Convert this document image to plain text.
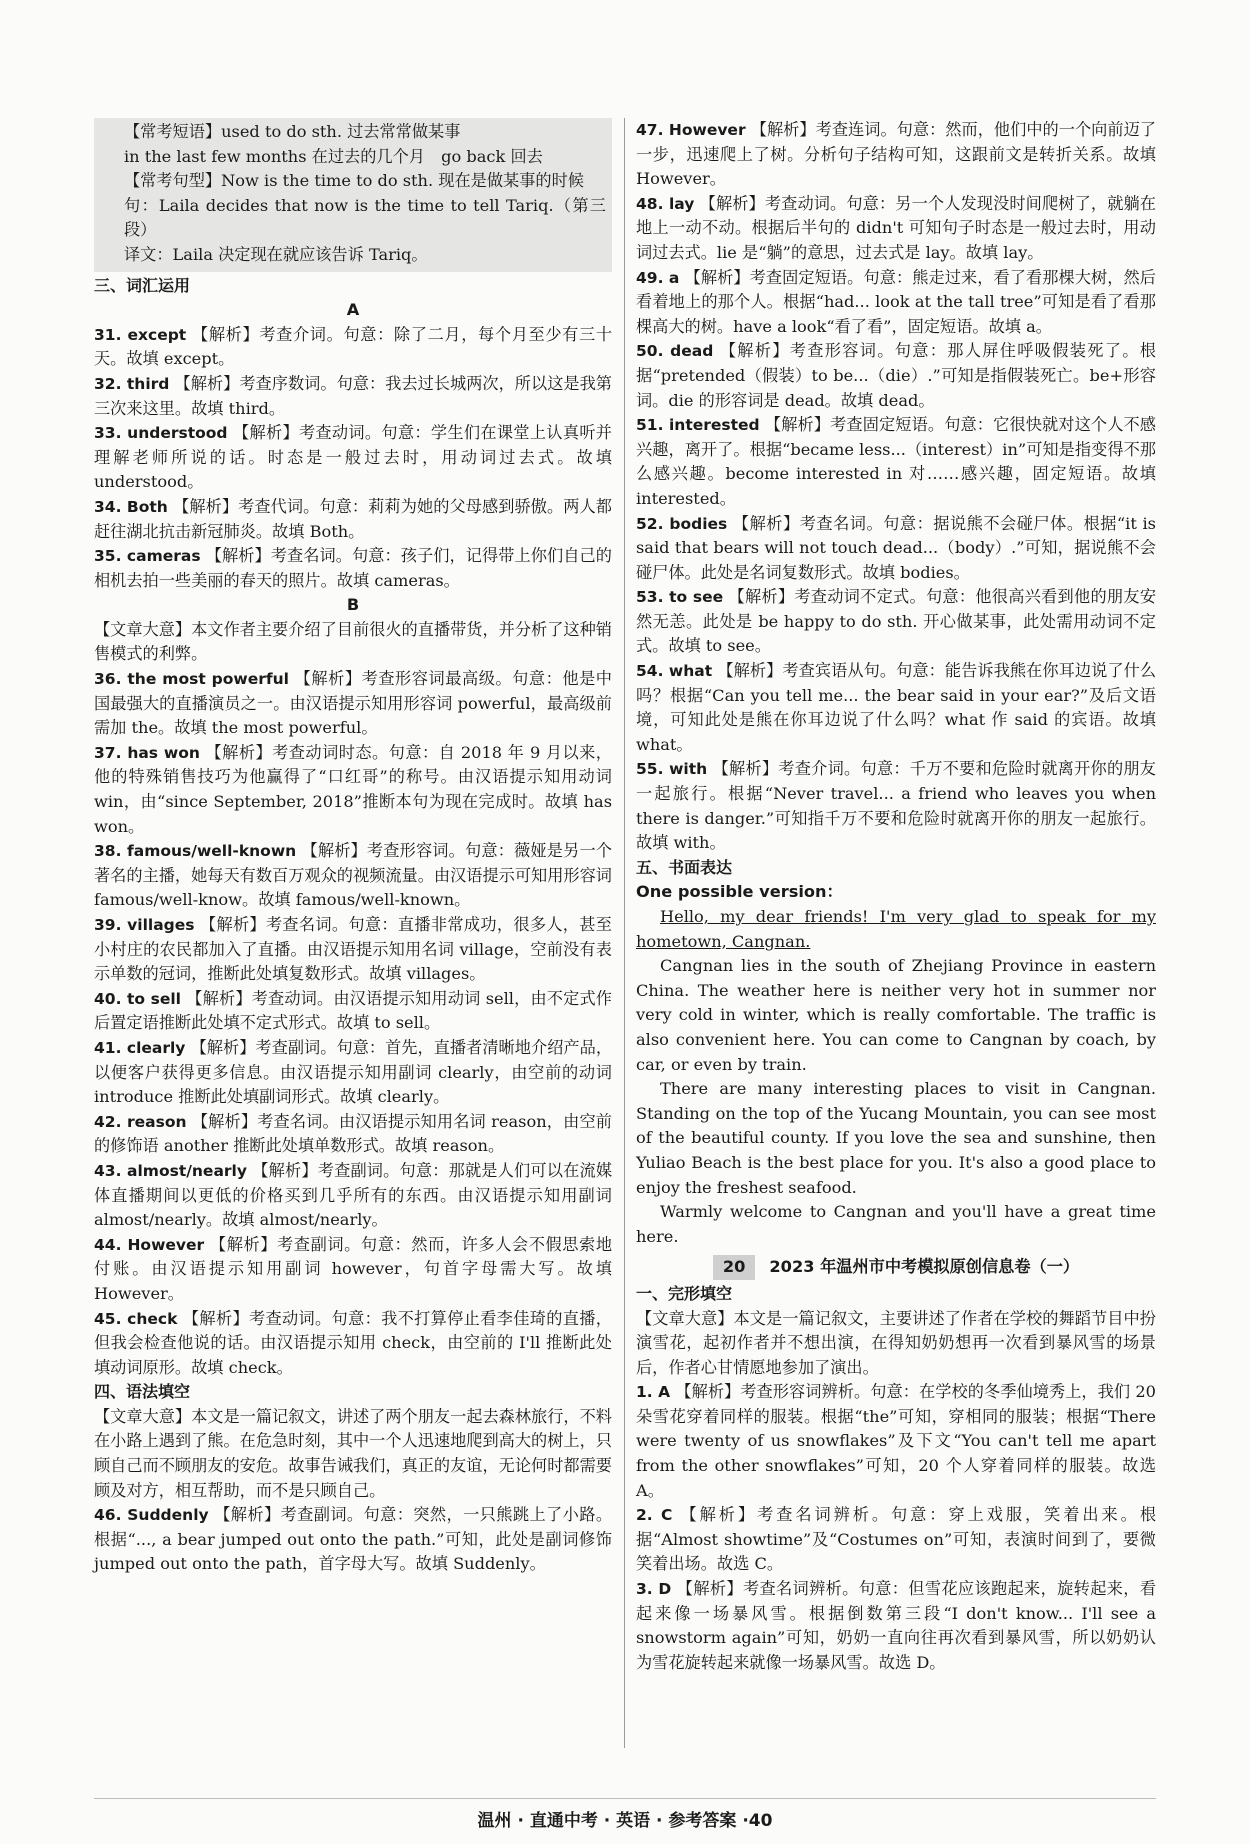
【常考短语】used to do sth. 过去常常做某事

in the last few months 在过去的几个月　go back 回去

【常考句型】Now is the time to do sth. 现在是做某事的时候

句：Laila decides that now is the time to tell Tariq.（第三段）

译文：Laila 决定现在就应该告诉 Tariq。

三、词汇运用

A

31. except 【解析】考查介词。句意：除了二月，每个月至少有三十天。故填 except。

32. third 【解析】考查序数词。句意：我去过长城两次，所以这是我第三次来这里。故填 third。

33. understood 【解析】考查动词。句意：学生们在课堂上认真听并理解老师所说的话。时态是一般过去时，用动词过去式。故填 understood。

34. Both 【解析】考查代词。句意：莉莉为她的父母感到骄傲。两人都赶往湖北抗击新冠肺炎。故填 Both。

35. cameras 【解析】考查名词。句意：孩子们，记得带上你们自己的相机去拍一些美丽的春天的照片。故填 cameras。

B

【文章大意】本文作者主要介绍了目前很火的直播带货，并分析了这种销售模式的利弊。

36. the most powerful 【解析】考查形容词最高级。句意：他是中国最强大的直播演员之一。由汉语提示知用形容词 powerful，最高级前需加 the。故填 the most powerful。

37. has won 【解析】考查动词时态。句意：自 2018 年 9 月以来，他的特殊销售技巧为他赢得了“口红哥”的称号。由汉语提示知用动词 win，由“since September, 2018”推断本句为现在完成时。故填 has won。

38. famous/well-known 【解析】考查形容词。句意：薇娅是另一个著名的主播，她每天有数百万观众的视频流量。由汉语提示可知用形容词 famous/well-know。故填 famous/well-known。

39. villages 【解析】考查名词。句意：直播非常成功，很多人，甚至小村庄的农民都加入了直播。由汉语提示知用名词 village，空前没有表示单数的冠词，推断此处填复数形式。故填 villages。

40. to sell 【解析】考查动词。由汉语提示知用动词 sell，由不定式作后置定语推断此处填不定式形式。故填 to sell。

41. clearly 【解析】考查副词。句意：首先，直播者清晰地介绍产品，以便客户获得更多信息。由汉语提示知用副词 clearly，由空前的动词 introduce 推断此处填副词形式。故填 clearly。

42. reason 【解析】考查名词。由汉语提示知用名词 reason，由空前的修饰语 another 推断此处填单数形式。故填 reason。

43. almost/nearly 【解析】考查副词。句意：那就是人们可以在流媒体直播期间以更低的价格买到几乎所有的东西。由汉语提示知用副词 almost/nearly。故填 almost/nearly。

44. However 【解析】考查副词。句意：然而，许多人会不假思索地付账。由汉语提示知用副词 however，句首字母需大写。故填 However。

45. check 【解析】考查动词。句意：我不打算停止看李佳琦的直播，但我会检查他说的话。由汉语提示知用 check，由空前的 I'll 推断此处填动词原形。故填 check。

四、语法填空

【文章大意】本文是一篇记叙文，讲述了两个朋友一起去森林旅行，不料在小路上遇到了熊。在危急时刻，其中一个人迅速地爬到高大的树上，只顾自己而不顾朋友的安危。故事告诫我们，真正的友谊，无论何时都需要顾及对方，相互帮助，而不是只顾自己。

46. Suddenly 【解析】考查副词。句意：突然，一只熊跳上了小路。根据“..., a bear jumped out onto the path.”可知，此处是副词修饰 jumped out onto the path，首字母大写。故填 Suddenly。

47. However 【解析】考查连词。句意：然而，他们中的一个向前迈了一步，迅速爬上了树。分析句子结构可知，这跟前文是转折关系。故填 However。

48. lay 【解析】考查动词。句意：另一个人发现没时间爬树了，就躺在地上一动不动。根据后半句的 didn't 可知句子时态是一般过去时，用动词过去式。lie 是“躺”的意思，过去式是 lay。故填 lay。

49. a 【解析】考查固定短语。句意：熊走过来，看了看那棵大树，然后看着地上的那个人。根据“had... look at the tall tree”可知是看了看那棵高大的树。have a look“看了看”，固定短语。故填 a。

50. dead 【解析】考查形容词。句意：那人屏住呼吸假装死了。根据“pretended（假装）to be...（die）.”可知是指假装死亡。be+形容词。die 的形容词是 dead。故填 dead。

51. interested 【解析】考查固定短语。句意：它很快就对这个人不感兴趣，离开了。根据“became less...（interest）in”可知是指变得不那么感兴趣。become interested in 对……感兴趣，固定短语。故填 interested。

52. bodies 【解析】考查名词。句意：据说熊不会碰尸体。根据“it is said that bears will not touch dead...（body）.”可知，据说熊不会碰尸体。此处是名词复数形式。故填 bodies。

53. to see 【解析】考查动词不定式。句意：他很高兴看到他的朋友安然无恙。此处是 be happy to do sth. 开心做某事，此处需用动词不定式。故填 to see。

54. what 【解析】考查宾语从句。句意：能告诉我熊在你耳边说了什么吗？根据“Can you tell me... the bear said in your ear?”及后文语境，可知此处是熊在你耳边说了什么吗？what 作 said 的宾语。故填 what。

55. with 【解析】考查介词。句意：千万不要和危险时就离开你的朋友一起旅行。根据“Never travel... a friend who leaves you when there is danger.”可知指千万不要和危险时就离开你的朋友一起旅行。故填 with。

五、书面表达

One possible version：

Hello, my dear friends! I'm very glad to speak for my hometown, Cangnan.

Cangnan lies in the south of Zhejiang Province in eastern China. The weather here is neither very hot in summer nor very cold in winter, which is really comfortable. The traffic is also convenient here. You can come to Cangnan by coach, by car, or even by train.

There are many interesting places to visit in Cangnan. Standing on the top of the Yucang Mountain, you can see most of the beautiful county. If you love the sea and sunshine, then Yuliao Beach is the best place for you. It's also a good place to enjoy the freshest seafood.

Warmly welcome to Cangnan and you'll have a great time here.

20 2023 年温州市中考模拟原创信息卷（一）

一、完形填空

【文章大意】本文是一篇记叙文，主要讲述了作者在学校的舞蹈节目中扮演雪花，起初作者并不想出演，在得知奶奶想再一次看到暴风雪的场景后，作者心甘情愿地参加了演出。

1. A 【解析】考查形容词辨析。句意：在学校的冬季仙境秀上，我们 20 朵雪花穿着同样的服装。根据“the”可知，穿相同的服装；根据“There were twenty of us snowflakes”及下文“You can't tell me apart from the other snowflakes”可知，20 个人穿着同样的服装。故选 A。

2. C 【解析】考查名词辨析。句意：穿上戏服，笑着出来。根据“Almost showtime”及“Costumes on”可知，表演时间到了，要微笑着出场。故选 C。

3. D 【解析】考查名词辨析。句意：但雪花应该跑起来，旋转起来，看起来像一场暴风雪。根据倒数第三段“I don't know... I'll see a snowstorm again”可知，奶奶一直向往再次看到暴风雪，所以奶奶认为雪花旋转起来就像一场暴风雪。故选 D。

温州 · 直通中考 · 英语 · 参考答案 ·40
